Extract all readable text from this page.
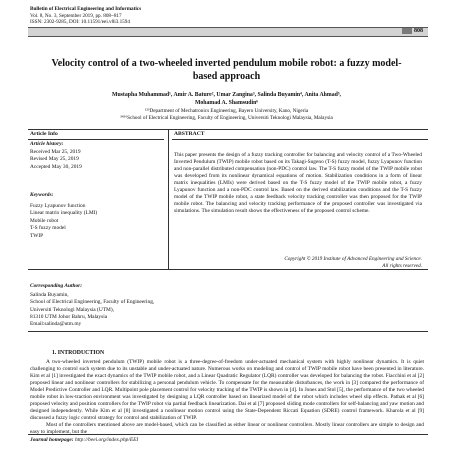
Bulletin of Electrical Engineering and Informatics
Vol. 8, No. 3, September 2019, pp. 808~817
ISSN: 2302-9285, DOI: 10.11591/eei.v8i3.1594
808
Velocity control of a two-wheeled inverted pendulum mobile robot: a fuzzy model-based approach
Mustapha Muhammad¹, Amir A. Bature², Umar Zangina³, Salinda Buyamin⁴, Anita Ahmad⁵,
Mohamad A. Shamsudin⁶
¹²³Department of Mechatronics Engineering, Bayero University, Kano, Nigeria
³⁴⁵⁶School of Electrical Engineering, Faculty of Engineering, Universiti Teknologi Malaysia, Malaysia
Article Info	ABSTRACT
Article history:
Received Mar 25, 2019
Revised May 25, 2019
Accepted May 30, 2019
Keywords:
Fuzzy Lyapunov function
Linear matrix inequality (LMI)
Mobile robot
T-S fuzzy model
TWIP
This paper presents the design of a fuzzy tracking controller for balancing and velocity control of a Two-Wheeled Inverted Pendulum (TWIP) mobile robot based on its Takagi-Sugeno (T-S) fuzzy model, fuzzy Lyapunov function and non-parallel distributed compensation (non-PDC) control law. The T-S fuzzy model of the TWIP mobile robot was developed from its nonlinear dynamical equations of motion. Stabilization conditions in a form of linear matrix inequalities (LMIs) were derived based on the T-S fuzzy model of the TWIP mobile robot, a fuzzy Lyapunov function and a non-PDC control law. Based on the derived stabilization conditions and the T-S fuzzy model of the TWIP mobile robot, a state feedback velocity tracking controller was then proposed for the TWIP mobile robot. The balancing and velocity tracking performance of the proposed controller was investigated via simulations. The simulation result shows the effectiveness of the proposed control scheme.
Copyright © 2019 Institute of Advanced Engineering and Science.
All rights reserved.
Corresponding Author:
Salinda Buyamin,
School of Electrical Engineering, Faculty of Engineering,
Universiti Teknologi Malaysia (UTM),
81310 UTM Johor Bahru, Malaysia
Email:salinda@utm.my
1. INTRODUCTION

A two-wheeled inverted pendulum (TWIP) mobile robot is a three-degree-of-freedom under-actuated mechanical system with highly nonlinear dynamics. It is quiet challenging to control such system due to its unstable and under-actuated nature. Numerous works on modeling and control of TWIP mobile robot have been presented in literature. Kim et al [1] investigated the exact dynamics of the TWIP mobile robot, and a Linear Quadratic Regulator (LQR) controller was developed for balancing the robot. Fiacchini et al [2] proposed linear and nonlinear controllers for stabilizing a personal pendulum vehicle. To compensate for the measurable disturbances, the work in [3] compared the performance of Model Predictive Controller and LQR. Multipoint pole placement control for velocity tracking of the TWIP is shown in [4]. In Jones and Stol [5], the performance of the two wheeled mobile robot in low-traction environment was investigated by designing a LQR controller based on linearized model of the robot which includes wheel slip effects. Pathak et al [6] proposed velocity and position controllers for the TWIP robot via partial feedback linearization. Dai et al [7] proposed sliding mode controllers for self-balancing and yaw motion and designed independently. While Kim et al [8] investigated a nonlinear motion control using the State-Dependent Riccati Equation (SDRE) control framework. Kharola et al [9] discussed a fuzzy logic control strategy for control and stabilization of TWIP.

Most of the controllers mentioned above are model-based, which can be classified as either linear or nonlinear controllers. Mostly linear controllers are simple to design and easy to implement, but the

Journal homepage: http://beei.org/index.php/EEI
